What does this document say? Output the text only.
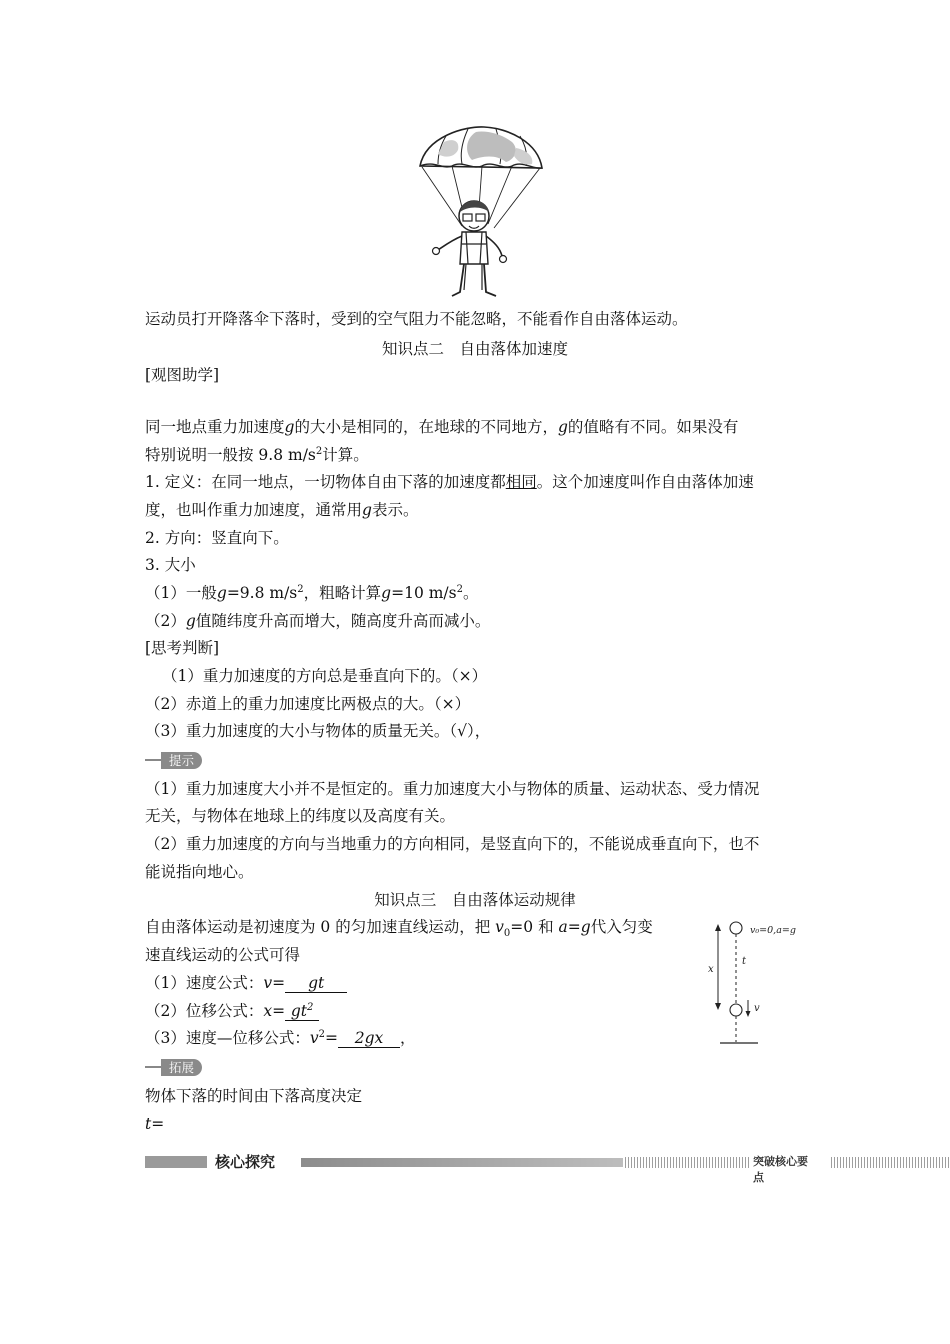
运动员打开降落伞下落时，受到的空气阻力不能忽略，不能看作自由落体运动。
知识点二　自由落体加速度
[观图助学]
同一地点重力加速度g的大小是相同的，在地球的不同地方，g的值略有不同。如果没有
特别说明一般按 9.8 $m/s^2$计算。
1. 定义：在同一地点，一切物体自由下落的加速度都相同。这个加速度叫作自由落体加速
度，也叫作重力加速度，通常用g表示。
2. 方向：竖直向下。
3. 大小
（1）一般g=9.8 $m/s^2$，粗略计算g=10 $m/s^2$。
（2）g值随纬度升高而增大，随高度升高而减小。
[思考判断]
（1）重力加速度的方向总是垂直向下的。（×）
（2）赤道上的重力加速度比两极点的大。（×）
（3）重力加速度的大小与物体的质量无关。（√），
提示
（1）重力加速度大小并不是恒定的。重力加速度大小与物体的质量、运动状态、受力情况
无关，与物体在地球上的纬度以及高度有关。
（2）重力加速度的方向与当地重力的方向相同，是竖直向下的，不能说成垂直向下，也不
能说指向地心。
知识点三　自由落体运动规律
自由落体运动是初速度为 0 的匀加速直线运动，把 $v_0=0$ 和 a=g代入匀变
速直线运动的公式可得
（1）速度公式：v= gt
（2）位移公式：$x= gt^2$
（3）速度—位移公式：$v^2= 2gx$ ，
v₀=0,a=g
x
t
v
拓展
物体下落的时间由下落高度决定
t=
核心探究	突破核心要点
